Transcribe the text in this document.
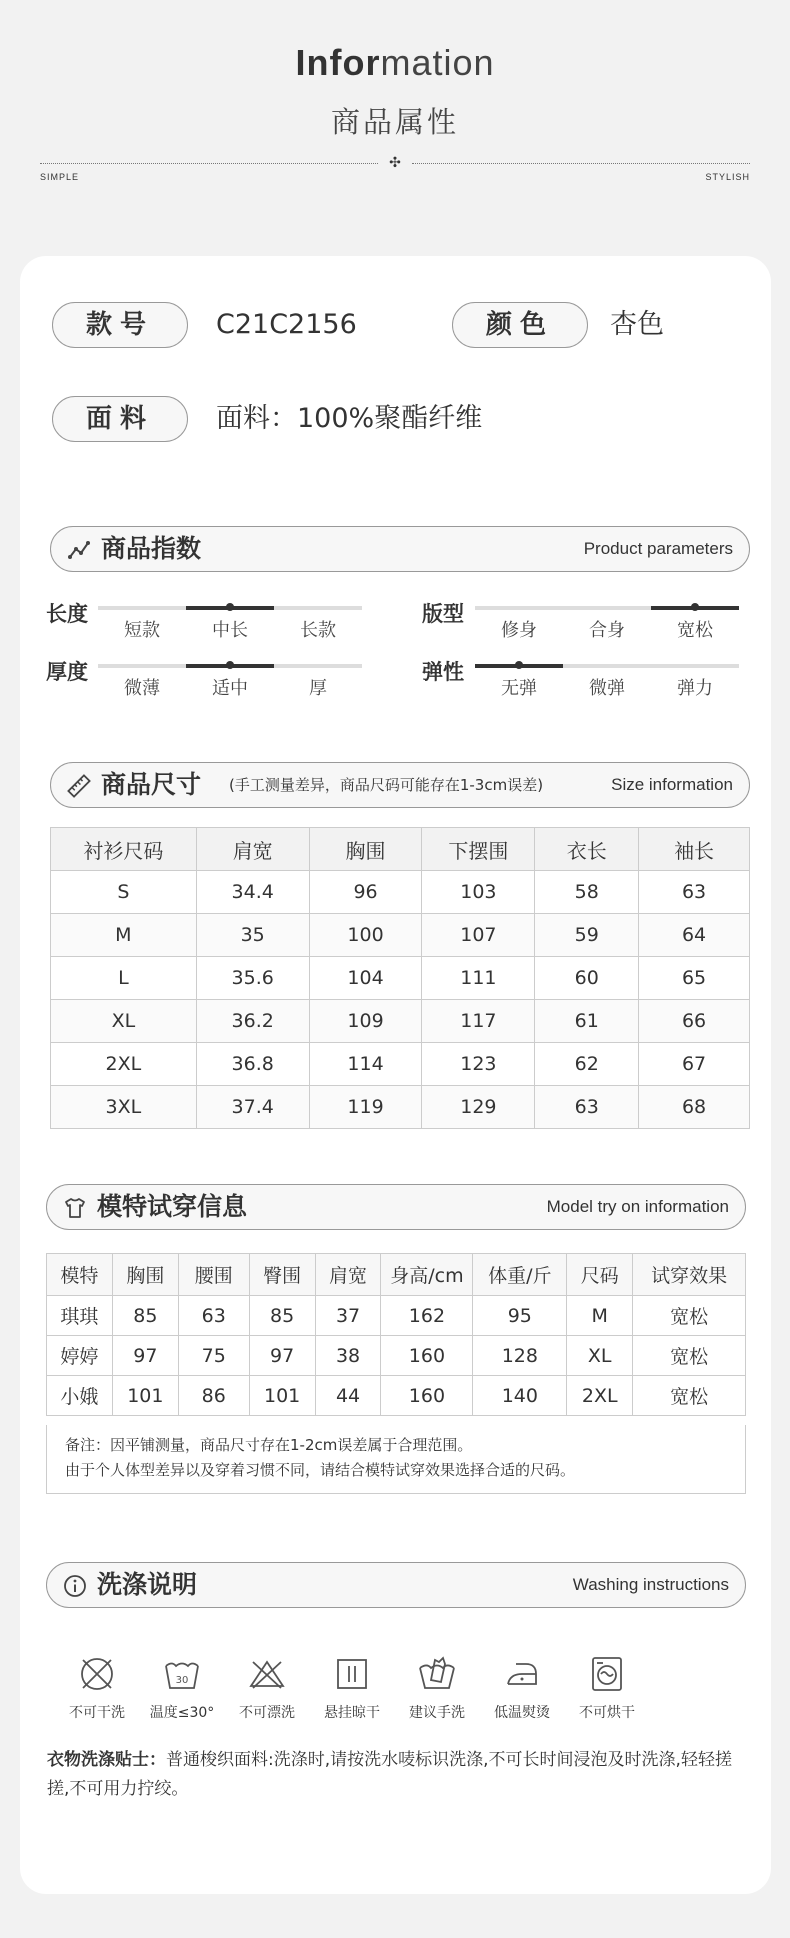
Information
商品属性
✣
SIMPLE	STYLISH
款号	C21C2156	颜色	杏色
面料	面料：100%聚酯纤维
商品指数	Product parameters
长度
短款	中长	长款
版型
修身	合身	宽松
厚度
微薄	适中	厚
弹性
无弹	微弹	弹力
商品尺寸 (手工测量差异，商品尺码可能存在1-3cm误差)	Size information
衬衫尺码	肩宽	胸围	下摆围	衣长	袖长
S	34.4	96	103	58	63
M	35	100	107	59	64
L	35.6	104	111	60	65
XL	36.2	109	117	61	66
2XL	36.8	114	123	62	67
3XL	37.4	119	129	63	68
模特试穿信息	Model try on information
模特	胸围	腰围	臀围	肩宽	身高/cm	体重/斤	尺码	试穿效果
琪琪	85	63	85	37	162	95	M	宽松
婷婷	97	75	97	38	160	128	XL	宽松
小娥	101	86	101	44	160	140	2XL	宽松
备注：因平铺测量，商品尺寸存在1-2cm误差属于合理范围。
由于个人体型差异以及穿着习惯不同，请结合模特试穿效果选择合适的尺码。
洗涤说明	Washing instructions
不可干洗
30
温度≤30°	不可漂洗	悬挂晾干	建议手洗	低温熨烫	不可烘干
衣物洗涤贴士：普通梭织面料:洗涤时,请按洗水唛标识洗涤,不可长时间浸泡及时洗涤,轻轻搓搓,不可用力拧绞。
